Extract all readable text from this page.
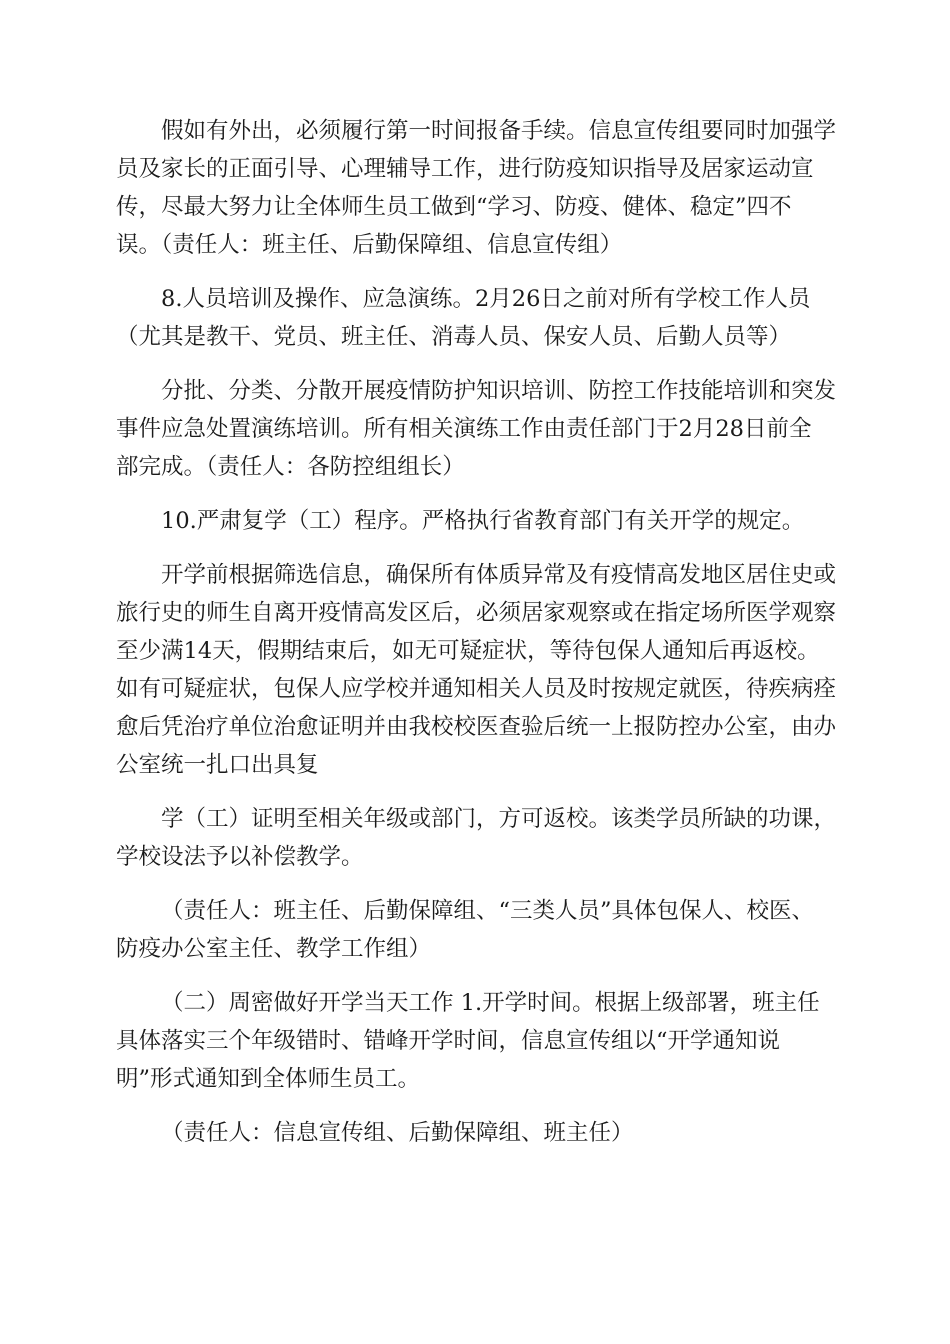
假如有外出，必须履行第一时间报备手续。信息宣传组要同时加强学
员及家长的正面引导、心理辅导工作，进行防疫知识指导及居家运动宣
传，尽最大努力让全体师生员工做到“学习、防疫、健体、稳定”四不
误。（责任人：班主任、后勤保障组、信息宣传组）
8.人员培训及操作、应急演练。2月26日之前对所有学校工作人员
（尤其是教干、党员、班主任、消毒人员、保安人员、后勤人员等）
分批、分类、分散开展疫情防护知识培训、防控工作技能培训和突发
事件应急处置演练培训。所有相关演练工作由责任部门于2月28日前全
部完成。（责任人：各防控组组长）
10.严肃复学（工）程序。严格执行省教育部门有关开学的规定。
开学前根据筛选信息，确保所有体质异常及有疫情高发地区居住史或
旅行史的师生自离开疫情高发区后，必须居家观察或在指定场所医学观察
至少满14天，假期结束后，如无可疑症状，等待包保人通知后再返校。
如有可疑症状，包保人应学校并通知相关人员及时按规定就医，待疾病痊
愈后凭治疗单位治愈证明并由我校校医查验后统一上报防控办公室，由办
公室统一扎口出具复
学（工）证明至相关年级或部门，方可返校。该类学员所缺的功课，
学校设法予以补偿教学。
（责任人：班主任、后勤保障组、“三类人员”具体包保人、校医、
防疫办公室主任、教学工作组）
（二）周密做好开学当天工作 1.开学时间。根据上级部署，班主任
具体落实三个年级错时、错峰开学时间，信息宣传组以“开学通知说
明”形式通知到全体师生员工。
（责任人：信息宣传组、后勤保障组、班主任）
